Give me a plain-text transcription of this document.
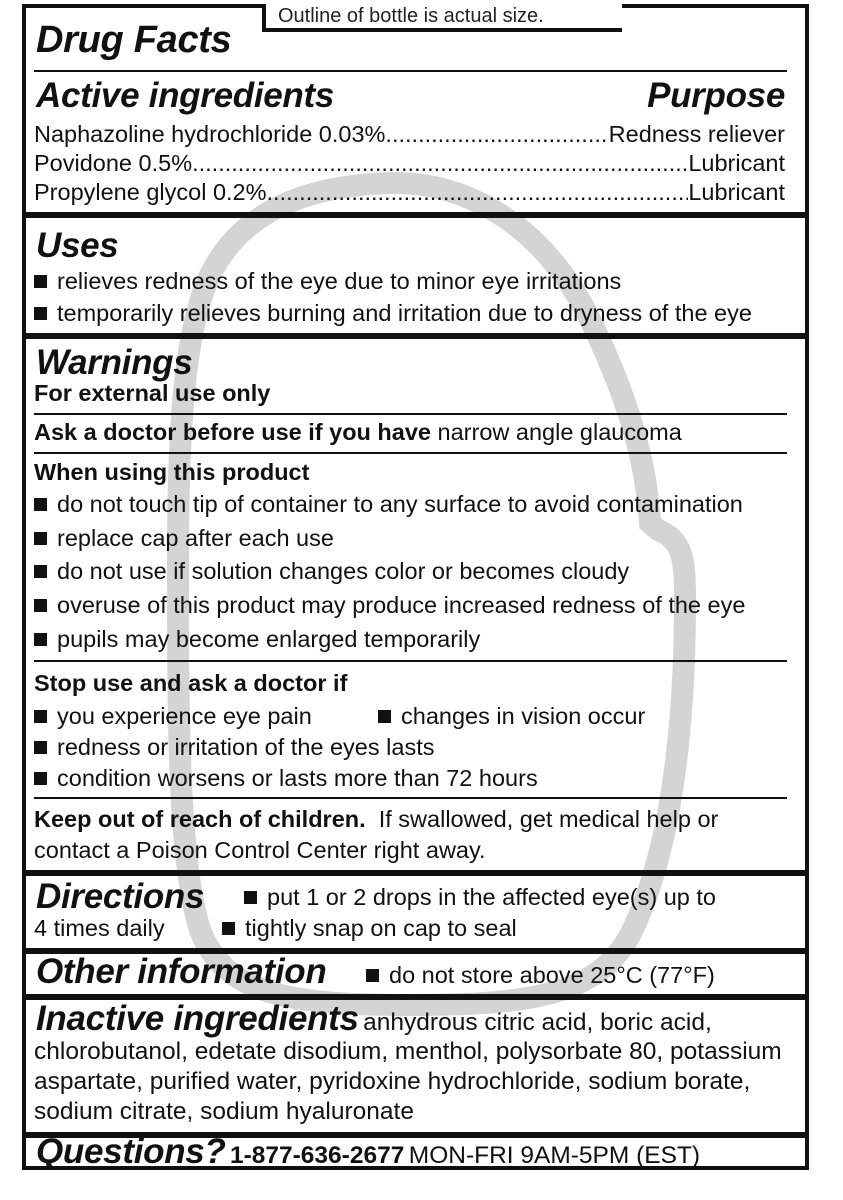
Outline of bottle is actual size.
Drug Facts
Active ingredients	Purpose
Naphazoline hydrochloride 0.03% .....	Redness reliever
Povidone 0.5% .....	Lubricant
Propylene glycol 0.2% .....	Lubricant
Uses
relieves redness of the eye due to minor eye irritations
temporarily relieves burning and irritation due to dryness of the eye
Warnings
For external use only
Ask a doctor before use if you have narrow angle glaucoma
When using this product
do not touch tip of container to any surface to avoid contamination
replace cap after each use
do not use if solution changes color or becomes cloudy
overuse of this product may produce increased redness of the eye
pupils may become enlarged temporarily
Stop use and ask a doctor if
you experience eye pain	changes in vision occur
redness or irritation of the eyes lasts
condition worsens or lasts more than 72 hours
Keep out of reach of children. If swallowed, get medical help or
contact a Poison Control Center right away.
Directions	put 1 or 2 drops in the affected eye(s) up to
4 times daily	tightly snap on cap to seal
Other information	do not store above 25°C (77°F)
Inactive ingredients anhydrous citric acid, boric acid,
chlorobutanol, edetate disodium, menthol, polysorbate 80, potassium
aspartate, purified water, pyridoxine hydrochloride, sodium borate,
sodium citrate, sodium hyaluronate
Questions? 1-877-636-2677 MON-FRI 9AM-5PM (EST)
